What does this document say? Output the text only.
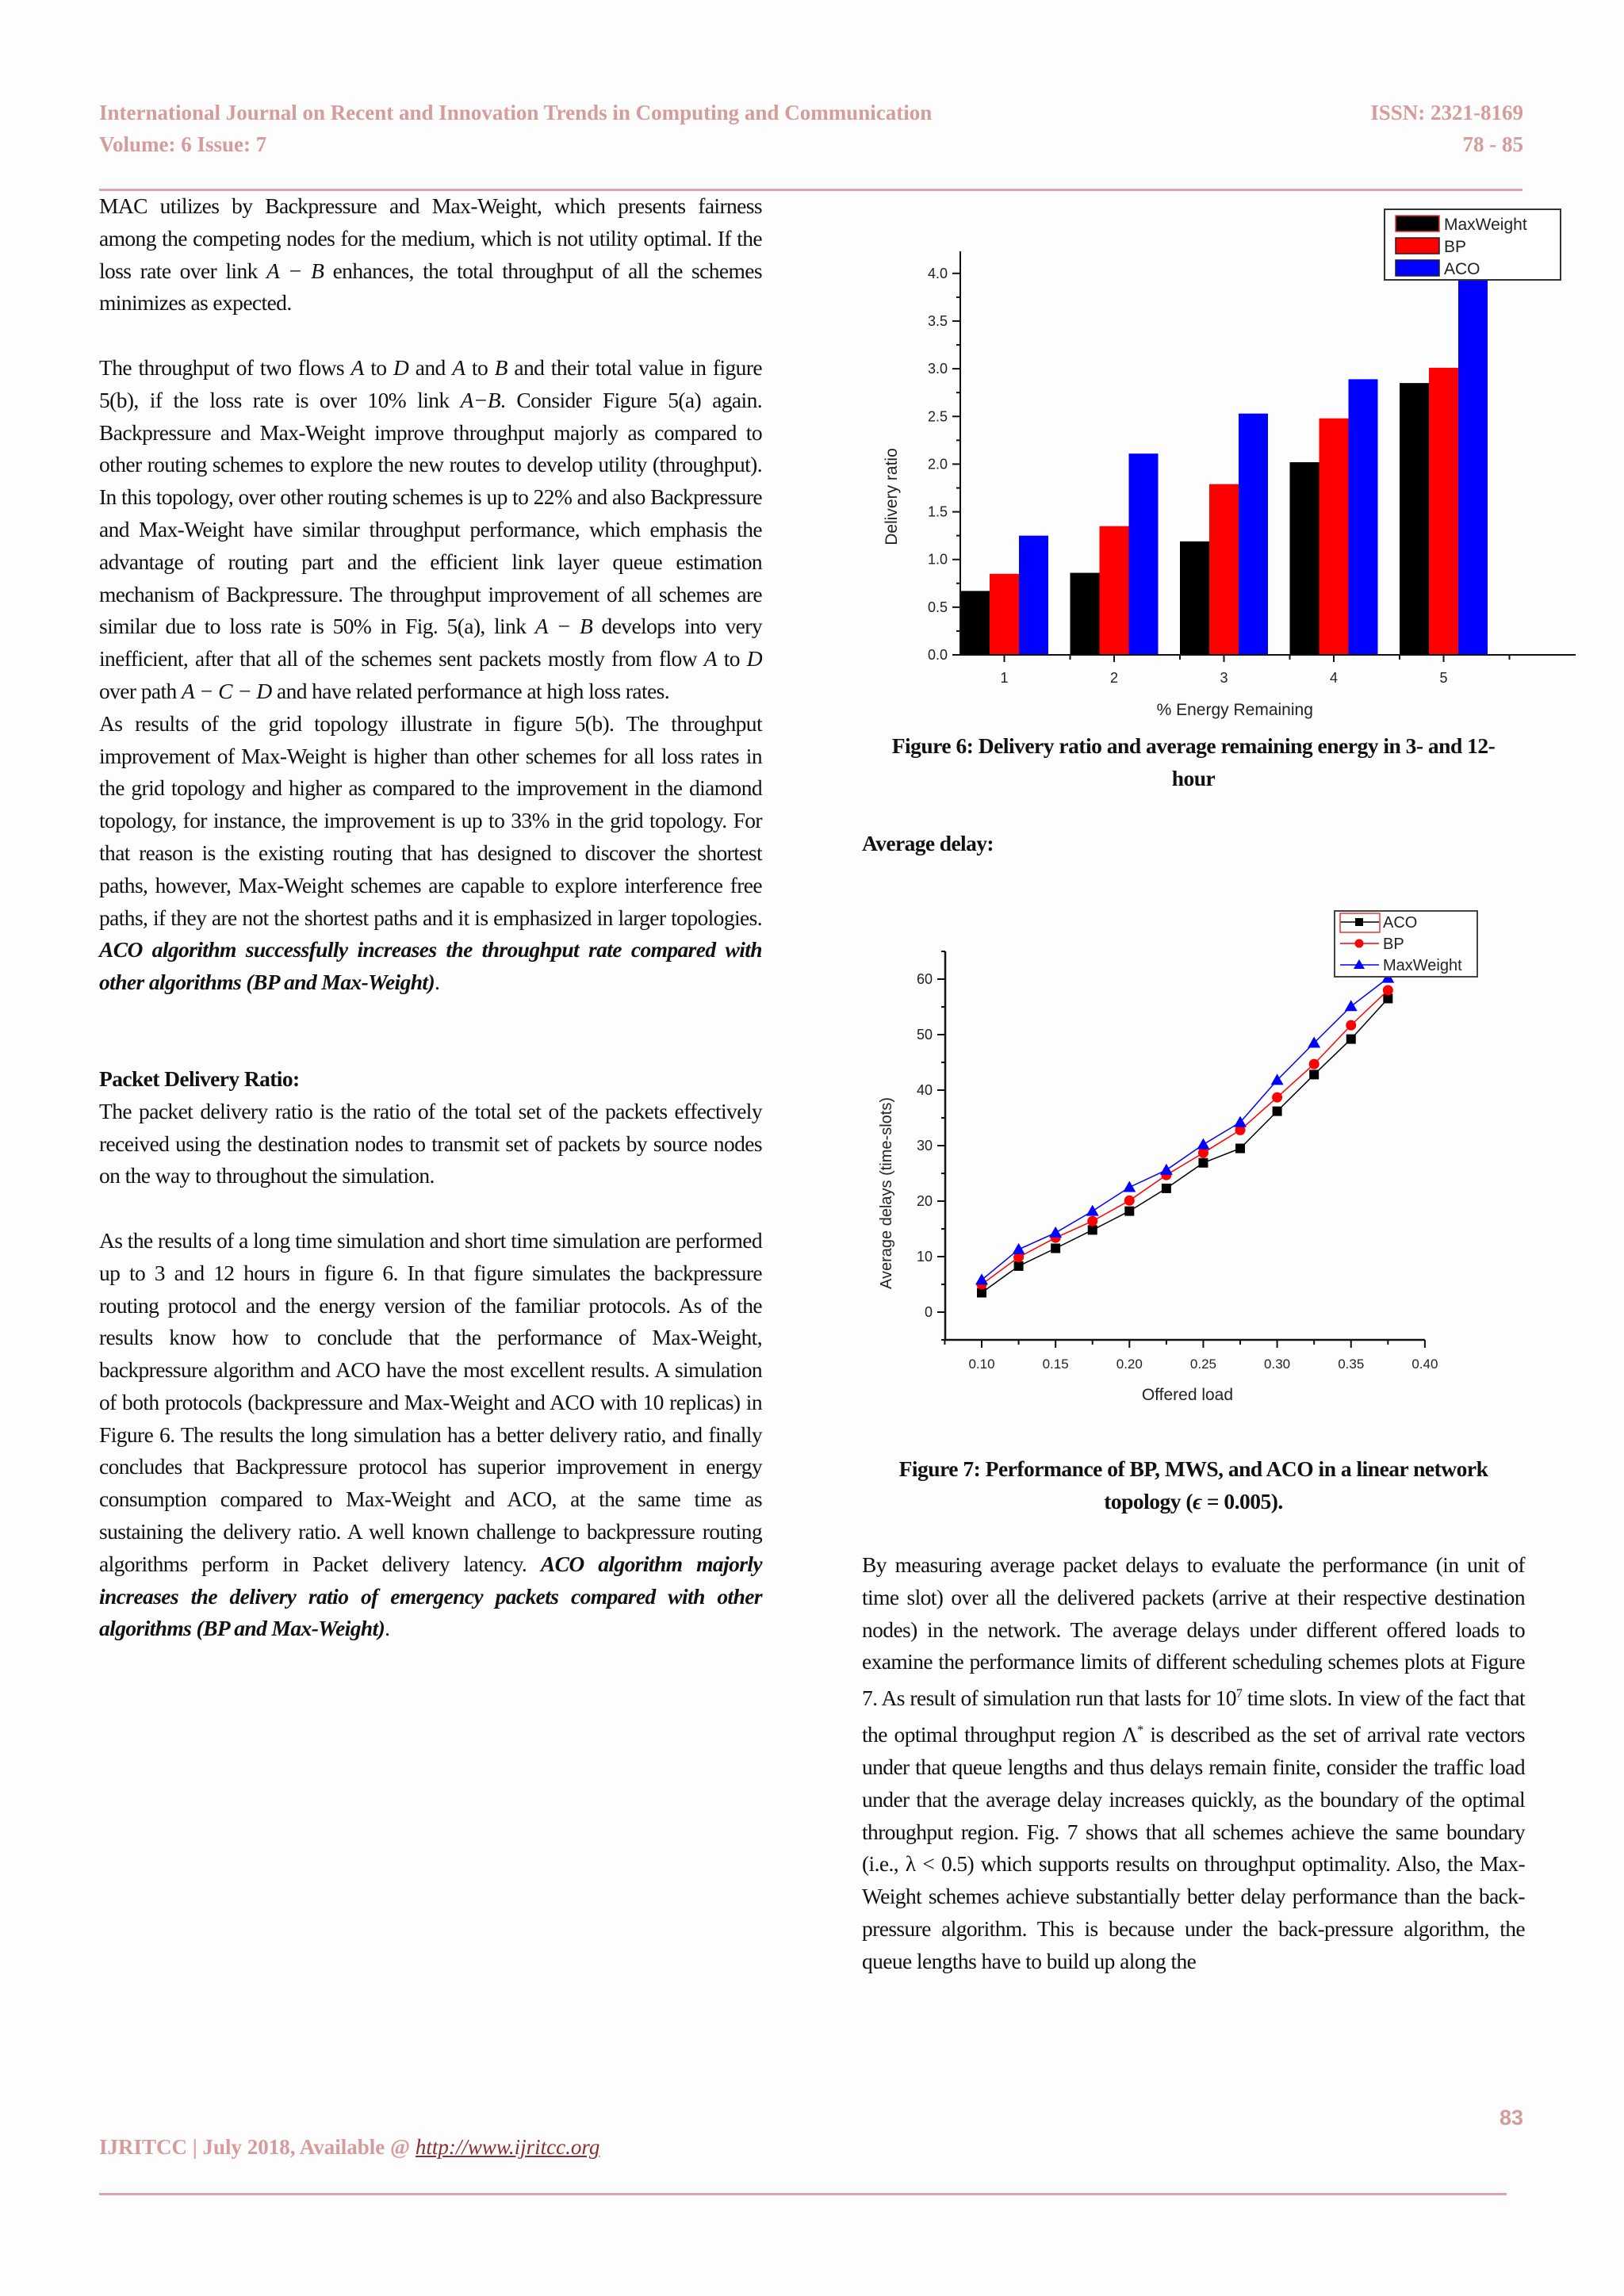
International Journal on Recent and Innovation Trends in Computing and Communication
Volume: 6 Issue: 7
ISSN: 2321-8169
78 - 85

MAC utilizes by Backpressure and Max-Weight, which presents fairness among the competing nodes for the medium, which is not utility optimal. If the loss rate over link A − B enhances, the total throughput of all the schemes minimizes as expected.

The throughput of two flows A to D and A to B and their total value in figure 5(b), if the loss rate is over 10% link A−B. Consider Figure 5(a) again. Backpressure and Max-Weight improve throughput majorly as compared to other routing schemes to explore the new routes to develop utility (throughput). In this topology, over other routing schemes is up to 22% and also Backpressure and Max-Weight have similar throughput performance, which emphasis the advantage of routing part and the efficient link layer queue estimation mechanism of Backpressure. The throughput improvement of all schemes are similar due to loss rate is 50% in Fig. 5(a), link A − B develops into very inefficient, after that all of the schemes sent packets mostly from flow A to D over path A − C − D and have related performance at high loss rates.

As results of the grid topology illustrate in figure 5(b). The throughput improvement of Max-Weight is higher than other schemes for all loss rates in the grid topology and higher as compared to the improvement in the diamond topology, for instance, the improvement is up to 33% in the grid topology. For that reason is the existing routing that has designed to discover the shortest paths, however, Max-Weight schemes are capable to explore interference free paths, if they are not the shortest paths and it is emphasized in larger topologies. ACO algorithm successfully increases the throughput rate compared with other algorithms (BP and Max-Weight).

Packet Delivery Ratio:

The packet delivery ratio is the ratio of the total set of the packets effectively received using the destination nodes to transmit set of packets by source nodes on the way to throughout the simulation.

As the results of a long time simulation and short time simulation are performed up to 3 and 12 hours in figure 6. In that figure simulates the backpressure routing protocol and the energy version of the familiar protocols. As of the results know how to conclude that the performance of Max-Weight, backpressure algorithm and ACO have the most excellent results. A simulation of both protocols (backpressure and Max-Weight and ACO with 10 replicas) in Figure 6. The results the long simulation has a better delivery ratio, and finally concludes that Backpressure protocol has superior improvement in energy consumption compared to Max-Weight and ACO, at the same time as sustaining the delivery ratio. A well known challenge to backpressure routing algorithms perform in Packet delivery latency. ACO algorithm majorly increases the delivery ratio of emergency packets compared with other algorithms (BP and Max-Weight).

1	2	3	4	5
0.0
0.5
1.0
1.5
2.0
2.5
3.0
3.5
4.0
% Energy Remaining
Delivery ratio
MaxWeight
BP
ACO
Figure 6: Delivery ratio and average remaining energy in 3- and 12-hour
Average delay:
0
10
20
30
40
50
60
0.10	0.15	0.20	0.25	0.30	0.35	0.40
Offered load
Average delays (time-slots)
ACO
BP
MaxWeight
Figure 7: Performance of BP, MWS, and ACO in a linear network topology (ϵ = 0.005).

By measuring average packet delays to evaluate the performance (in unit of time slot) over all the delivered packets (arrive at their respective destination nodes) in the network. The average delays under different offered loads to examine the performance limits of different scheduling schemes plots at Figure 7. As result of simulation run that lasts for $10^7$ time slots. In view of the fact that the optimal throughput region Λ* is described as the set of arrival rate vectors under that queue lengths and thus delays remain finite, consider the traffic load under that the average delay increases quickly, as the boundary of the optimal throughput region. Fig. 7 shows that all schemes achieve the same boundary (i.e., λ < 0.5) which supports results on throughput optimality. Also, the Max-Weight schemes achieve substantially better delay performance than the back-pressure algorithm. This is because under the back-pressure algorithm, the queue lengths have to build up along the

83
IJRITCC | July 2018, Available @ http://www.ijritcc.org
